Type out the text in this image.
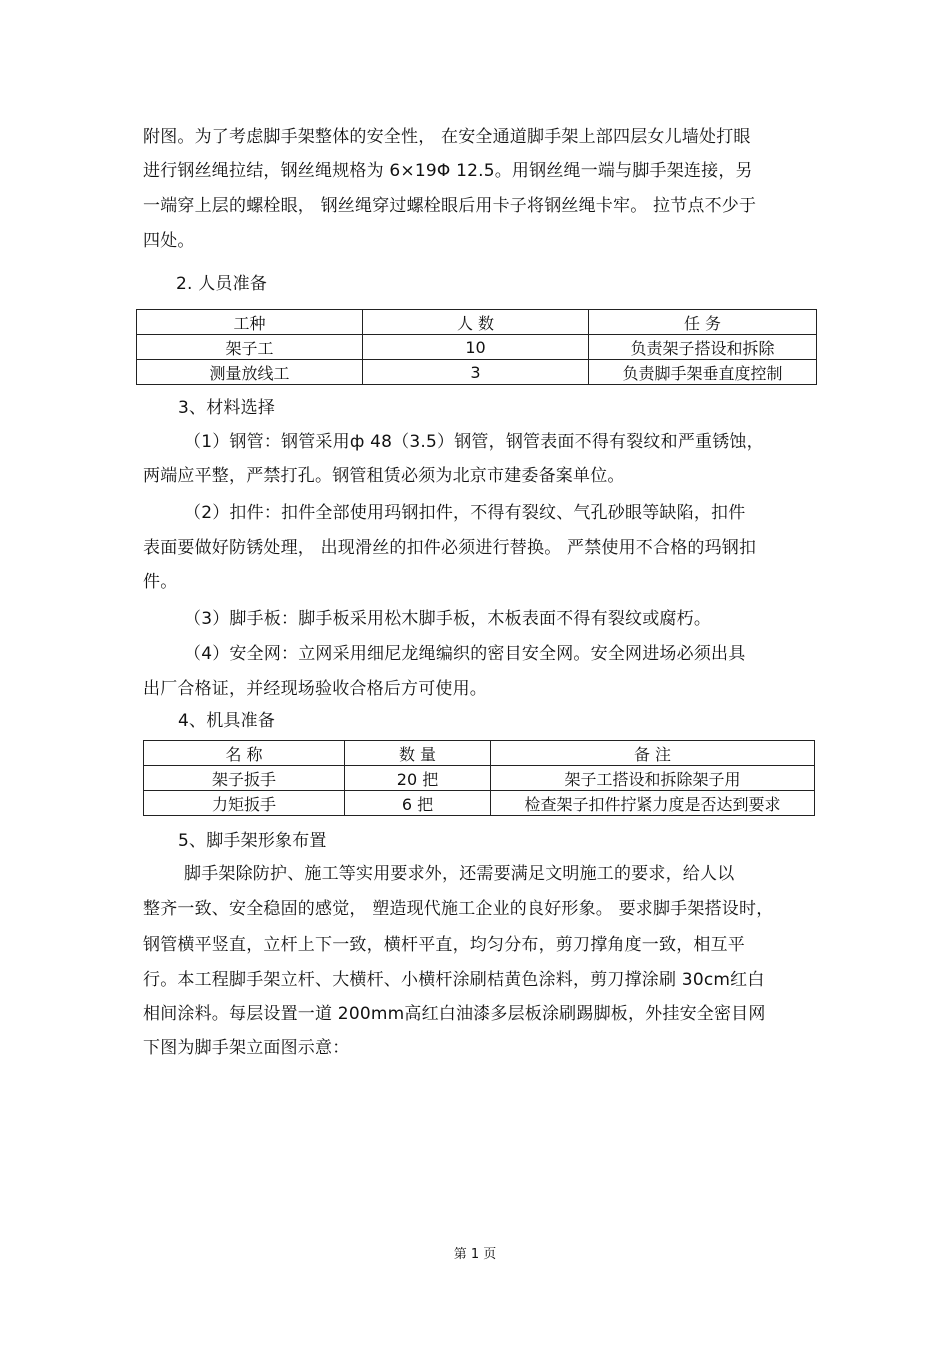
附图。为了考虑脚手架整体的安全性， 在安全通道脚手架上部四层女儿墙处打眼
进行钢丝绳拉结，钢丝绳规格为 6×19Φ 12.5。用钢丝绳一端与脚手架连接，另
一端穿上层的螺栓眼， 钢丝绳穿过螺栓眼后用卡子将钢丝绳卡牢。 拉节点不少于
四处。
2. 人员准备
工种	人 数	任 务
架子工	10	负责架子搭设和拆除
测量放线工	3	负责脚手架垂直度控制
3、材料选择
（1）钢管：钢管采用ф 48（3.5）钢管，钢管表面不得有裂纹和严重锈蚀，
两端应平整，严禁打孔。钢管租赁必须为北京市建委备案单位。
（2）扣件：扣件全部使用玛钢扣件，不得有裂纹、气孔砂眼等缺陷，扣件
表面要做好防锈处理， 出现滑丝的扣件必须进行替换。 严禁使用不合格的玛钢扣
件。
（3）脚手板：脚手板采用松木脚手板，木板表面不得有裂纹或腐朽。
（4）安全网：立网采用细尼龙绳编织的密目安全网。安全网进场必须出具
出厂合格证，并经现场验收合格后方可使用。
4、机具准备
名 称	数 量	备 注
架子扳手	20 把	架子工搭设和拆除架子用
力矩扳手	6 把	检查架子扣件拧紧力度是否达到要求
5、脚手架形象布置
脚手架除防护、施工等实用要求外，还需要满足文明施工的要求，给人以
整齐一致、安全稳固的感觉， 塑造现代施工企业的良好形象。 要求脚手架搭设时，
钢管横平竖直，立杆上下一致，横杆平直，均匀分布，剪刀撑角度一致，相互平
行。本工程脚手架立杆、大横杆、小横杆涂刷桔黄色涂料，剪刀撑涂刷 30cm红白
相间涂料。每层设置一道 200mm高红白油漆多层板涂刷踢脚板，外挂安全密目网
下图为脚手架立面图示意：
第 1 页
